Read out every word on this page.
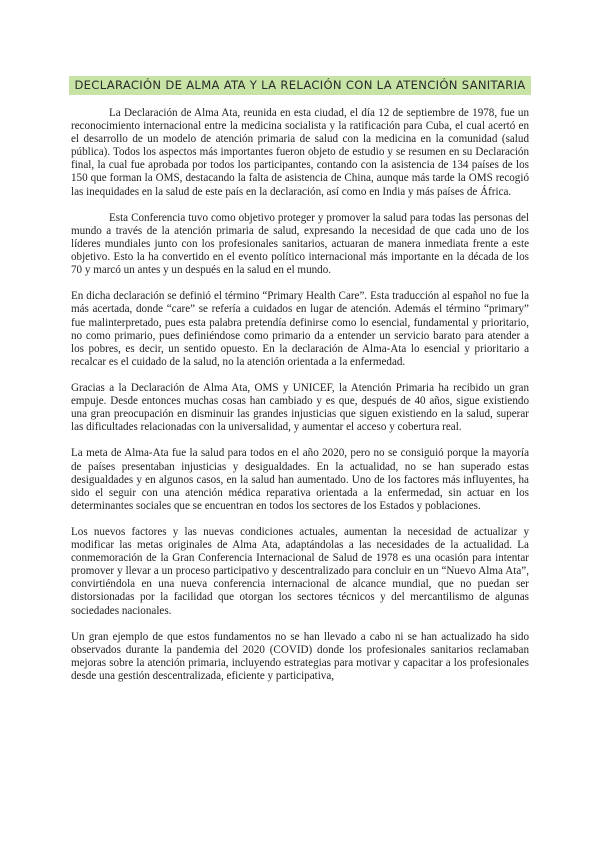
DECLARACIÓN DE ALMA ATA Y LA RELACIÓN CON LA ATENCIÓN SANITARIA

La Declaración de Alma Ata, reunida en esta ciudad, el día 12 de septiembre de 1978, fue un reconocimiento internacional entre la medicina socialista y la ratificación para Cuba, el cual acertó en el desarrollo de un modelo de atención primaria de salud con la medicina en la comunidad (salud pública). Todos los aspectos más importantes fueron objeto de estudio y se resumen en su Declaración final, la cual fue aprobada por todos los participantes, contando con la asistencia de 134 países de los 150 que forman la OMS, destacando la falta de asistencia de China, aunque más tarde la OMS recogió las inequidades en la salud de este país en la declaración, así como en India y más países de África.

Esta Conferencia tuvo como objetivo proteger y promover la salud para todas las personas del mundo a través de la atención primaria de salud, expresando la necesidad de que cada uno de los líderes mundiales junto con los profesionales sanitarios, actuaran de manera inmediata frente a este objetivo. Esto la ha convertido en el evento político internacional más importante en la década de los 70 y marcó un antes y un después en la salud en el mundo.

En dicha declaración se definió el término “Primary Health Care”. Esta traducción al español no fue la más acertada, donde “care” se refería a cuidados en lugar de atención. Además el término “primary” fue malinterpretado, pues esta palabra pretendía definirse como lo esencial, fundamental y prioritario, no como primario, pues definiéndose como primario da a entender un servicio barato para atender a los pobres, es decir, un sentido opuesto. En la declaración de Alma-Ata lo esencial y prioritario a recalcar es el cuidado de la salud, no la atención orientada a la enfermedad.

Gracias a la Declaración de Alma Ata, OMS y UNICEF, la Atención Primaria ha recibido un gran empuje. Desde entonces muchas cosas han cambiado y es que, después de 40 años, sigue existiendo una gran preocupación en disminuir las grandes injusticias que siguen existiendo en la salud, superar las dificultades relacionadas con la universalidad, y aumentar el acceso y cobertura real.

La meta de Alma-Ata fue la salud para todos en el año 2020, pero no se consiguió porque la mayoría de países presentaban injusticias y desigualdades. En la actualidad, no se han superado estas desigualdades y en algunos casos, en la salud han aumentado. Uno de los factores más influyentes, ha sido el seguir con una atención médica reparativa orientada a la enfermedad, sin actuar en los determinantes sociales que se encuentran en todos los sectores de los Estados y poblaciones.

Los nuevos factores y las nuevas condiciones actuales, aumentan la necesidad de actualizar y modificar las metas originales de Alma Ata, adaptándolas a las necesidades de la actualidad. La conmemoración de la Gran Conferencia Internacional de Salud de 1978 es una ocasión para intentar promover y llevar a un proceso participativo y descentralizado para concluir en un “Nuevo Alma Ata”, convirtiéndola en una nueva conferencia internacional de alcance mundial, que no puedan ser distorsionadas por la facilidad que otorgan los sectores técnicos y del mercantilismo de algunas sociedades nacionales.

Un gran ejemplo de que estos fundamentos no se han llevado a cabo ni se han actualizado ha sido observados durante la pandemia del 2020 (COVID) donde los profesionales sanitarios reclamaban mejoras sobre la atención primaria, incluyendo estrategias para motivar y capacitar a los profesionales desde una gestión descentralizada, eficiente y participativa,
